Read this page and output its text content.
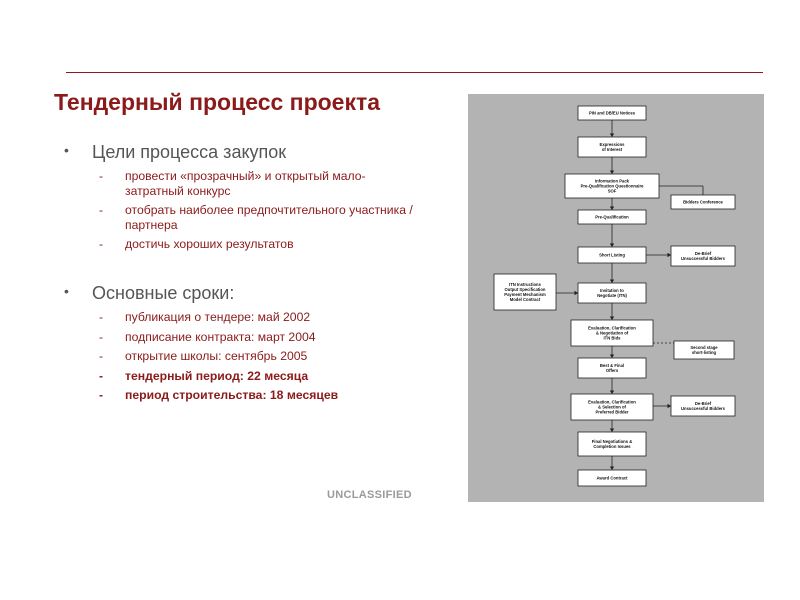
Тендерный процесс проекта
• Цели процесса закупок
- провести «прозрачный» и открытый мало-затратный конкурс
- отобрать наиболее предпочтительного участника / партнера
- достичь хороших результатов
• Основные сроки:
- публикация о тендере: май 2002
- подписание контракта: март 2004
- открытие школы: сентябрь 2005
- тендерный период: 22 месяца
- период строительства: 18 месяцев
UNCLASSIFIED
PIN and DB/EU Notices
Expressions
of Interest
Information Pack
Pre-Qualification Questionnaire
SOF
Pre-Qualification
Short Listing
Invitation to
Negotiate (ITN)
Evaluation, Clarification
& Negotiation of
ITN Bids
Best & Final
Offers
Evaluation, Clarification
& Selection of
Preferred Bidder
Final Negotiations &
Completion Issues
Award Contract
Bidders Conference
De-Brief
Unsuccessful Bidders
ITN Instructions
Output Specification
Payment Mechanism
Model Contract
Second stage
short-listing
De-Brief
Unsuccessful Bidders
